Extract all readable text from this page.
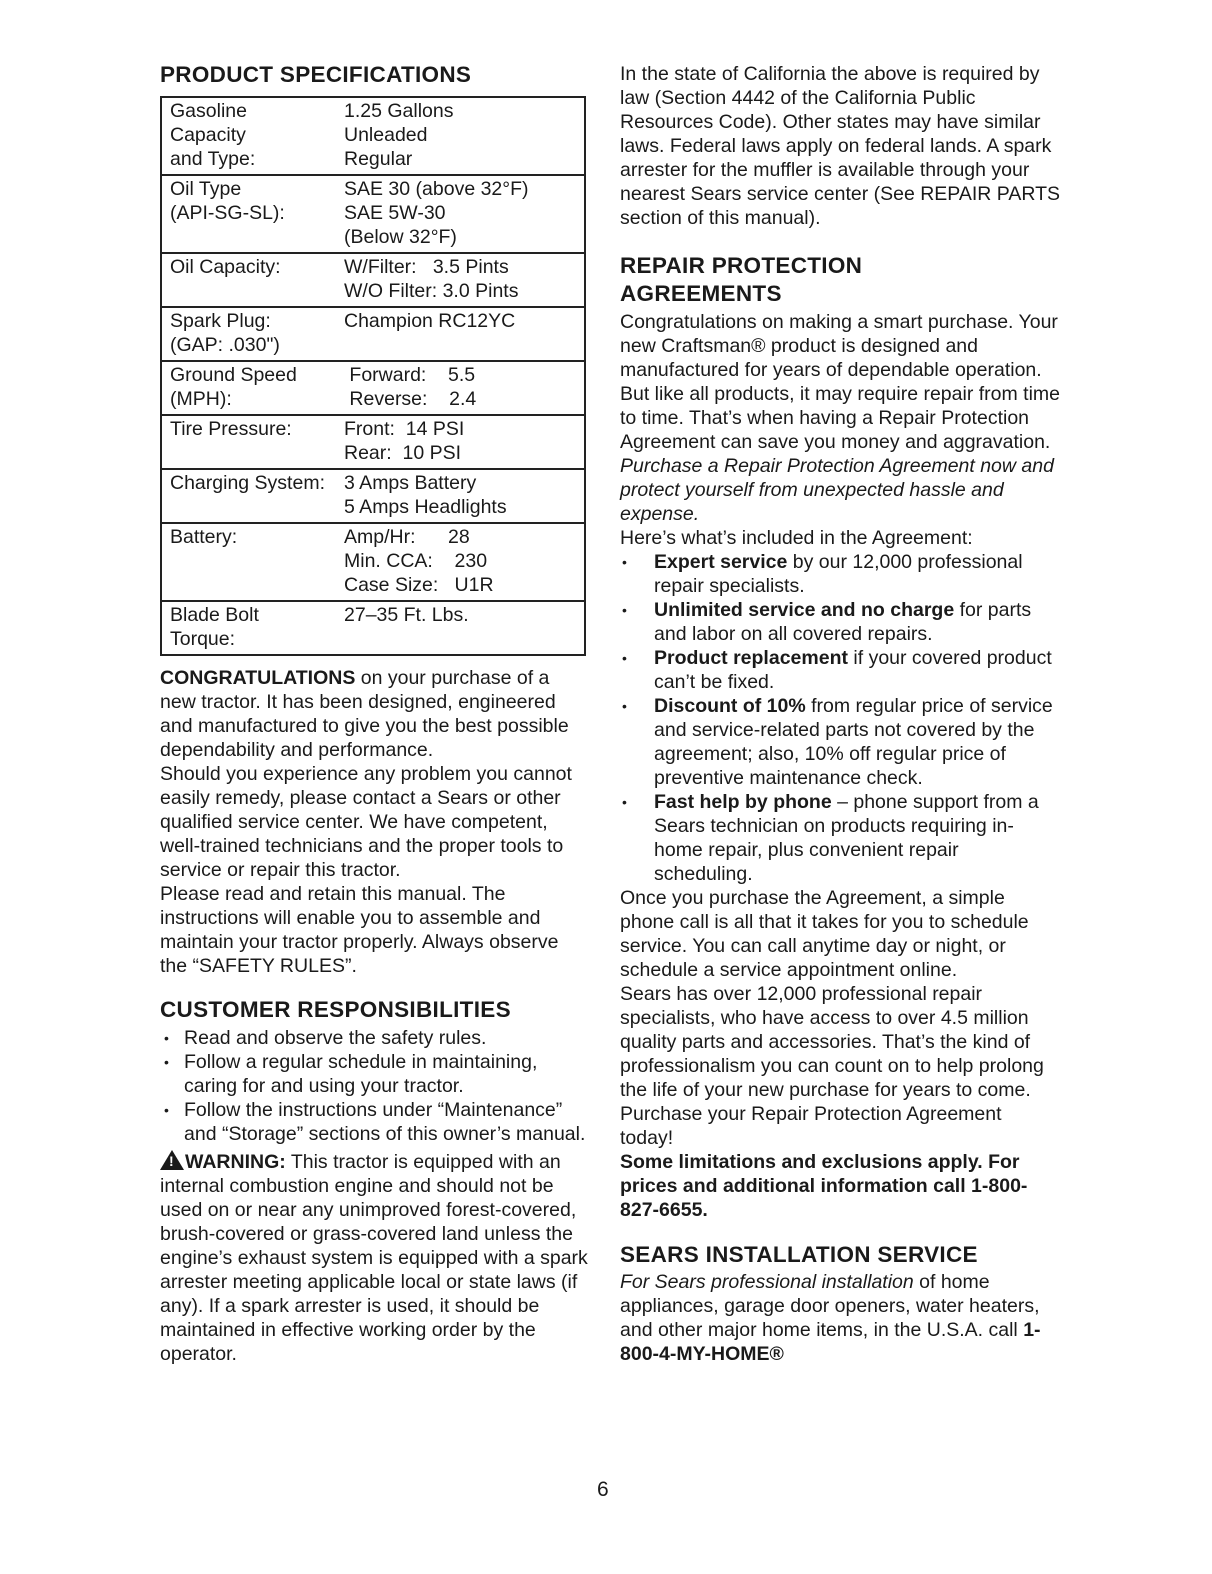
PRODUCT SPECIFICATIONS
Gasoline
Capacity
and Type:	1.25 Gallons
Unleaded
Regular

Oil Type
(API-SG-SL):	SAE 30 (above 32°F)
SAE 5W-30
(Below 32°F)

Oil Capacity:	W/Filter:   3.5 Pints
W/O Filter: 3.0 Pints

Spark Plug:
(GAP: .030")	Champion RC12YC

Ground Speed
(MPH):	Forward:    5.5
Reverse:    2.4

Tire Pressure:	Front:  14 PSI
Rear:  10 PSI

Charging System:	3 Amps Battery
5 Amps Headlights

Battery:	Amp/Hr:      28
Min. CCA:    230
Case Size:   U1R

Blade Bolt
Torque:	27–35 Ft. Lbs.

CONGRATULATIONS on your purchase of a new tractor. It has been designed, engineered and manufactured to give you the best possible dependability and performance.

Should you experience any problem you cannot easily remedy, please contact a Sears or other qualified service center. We have competent, well-trained technicians and the proper tools to service or repair this tractor.

Please read and retain this manual. The instructions will enable you to assemble and maintain your tractor properly. Always observe the “SAFETY RULES”.

CUSTOMER RESPONSIBILITIES
• Read and observe the safety rules.
• Follow a regular schedule in maintaining, caring for and using your tractor.
• Follow the instructions under “Maintenance” and “Storage” sections of this owner’s manual.

!WARNING: This tractor is equipped with an internal combustion engine and should not be used on or near any unimproved forest-covered, brush-covered or grass-covered land unless the engine’s exhaust system is equipped with a spark arrester meeting applicable local or state laws (if any). If a spark arrester is used, it should be maintained in effective working order by the operator.

In the state of California the above is required by law (Section 4442 of the California Public Resources Code). Other states may have similar laws. Federal laws apply on federal lands. A spark arrester for the muffler is available through your nearest Sears service center (See REPAIR PARTS section of this manual).

REPAIR PROTECTION AGREEMENTS

Congratulations on making a smart purchase. Your new Craftsman® product is designed and manufactured for years of dependable operation. But like all products, it may require repair from time to time. That’s when having a Repair Protection Agreement can save you money and aggravation.

Purchase a Repair Protection Agreement now and protect yourself from unexpected hassle and expense.

Here’s what’s included in the Agreement:

• Expert service by our 12,000 professional repair specialists.
• Unlimited service and no charge for parts and labor on all covered repairs.
• Product replacement if your covered product can’t be fixed.
• Discount of 10% from regular price of service and service-related parts not covered by the agreement; also, 10% off regular price of preventive maintenance check.
• Fast help by phone – phone support from a Sears technician on products requiring in-home repair, plus convenient repair scheduling.

Once you purchase the Agreement, a simple phone call is all that it takes for you to schedule service. You can call anytime day or night, or schedule a service appointment online.

Sears has over 12,000 professional repair specialists, who have access to over 4.5 million quality parts and accessories. That’s the kind of professionalism you can count on to help prolong the life of your new purchase for years to come. Purchase your Repair Protection Agreement today!

Some limitations and exclusions apply. For prices and additional information call 1-800-827-6655.

SEARS INSTALLATION SERVICE

For Sears professional installation of home appliances, garage door openers, water heaters, and other major home items, in the U.S.A. call 1-800-4-MY-HOME®

6
